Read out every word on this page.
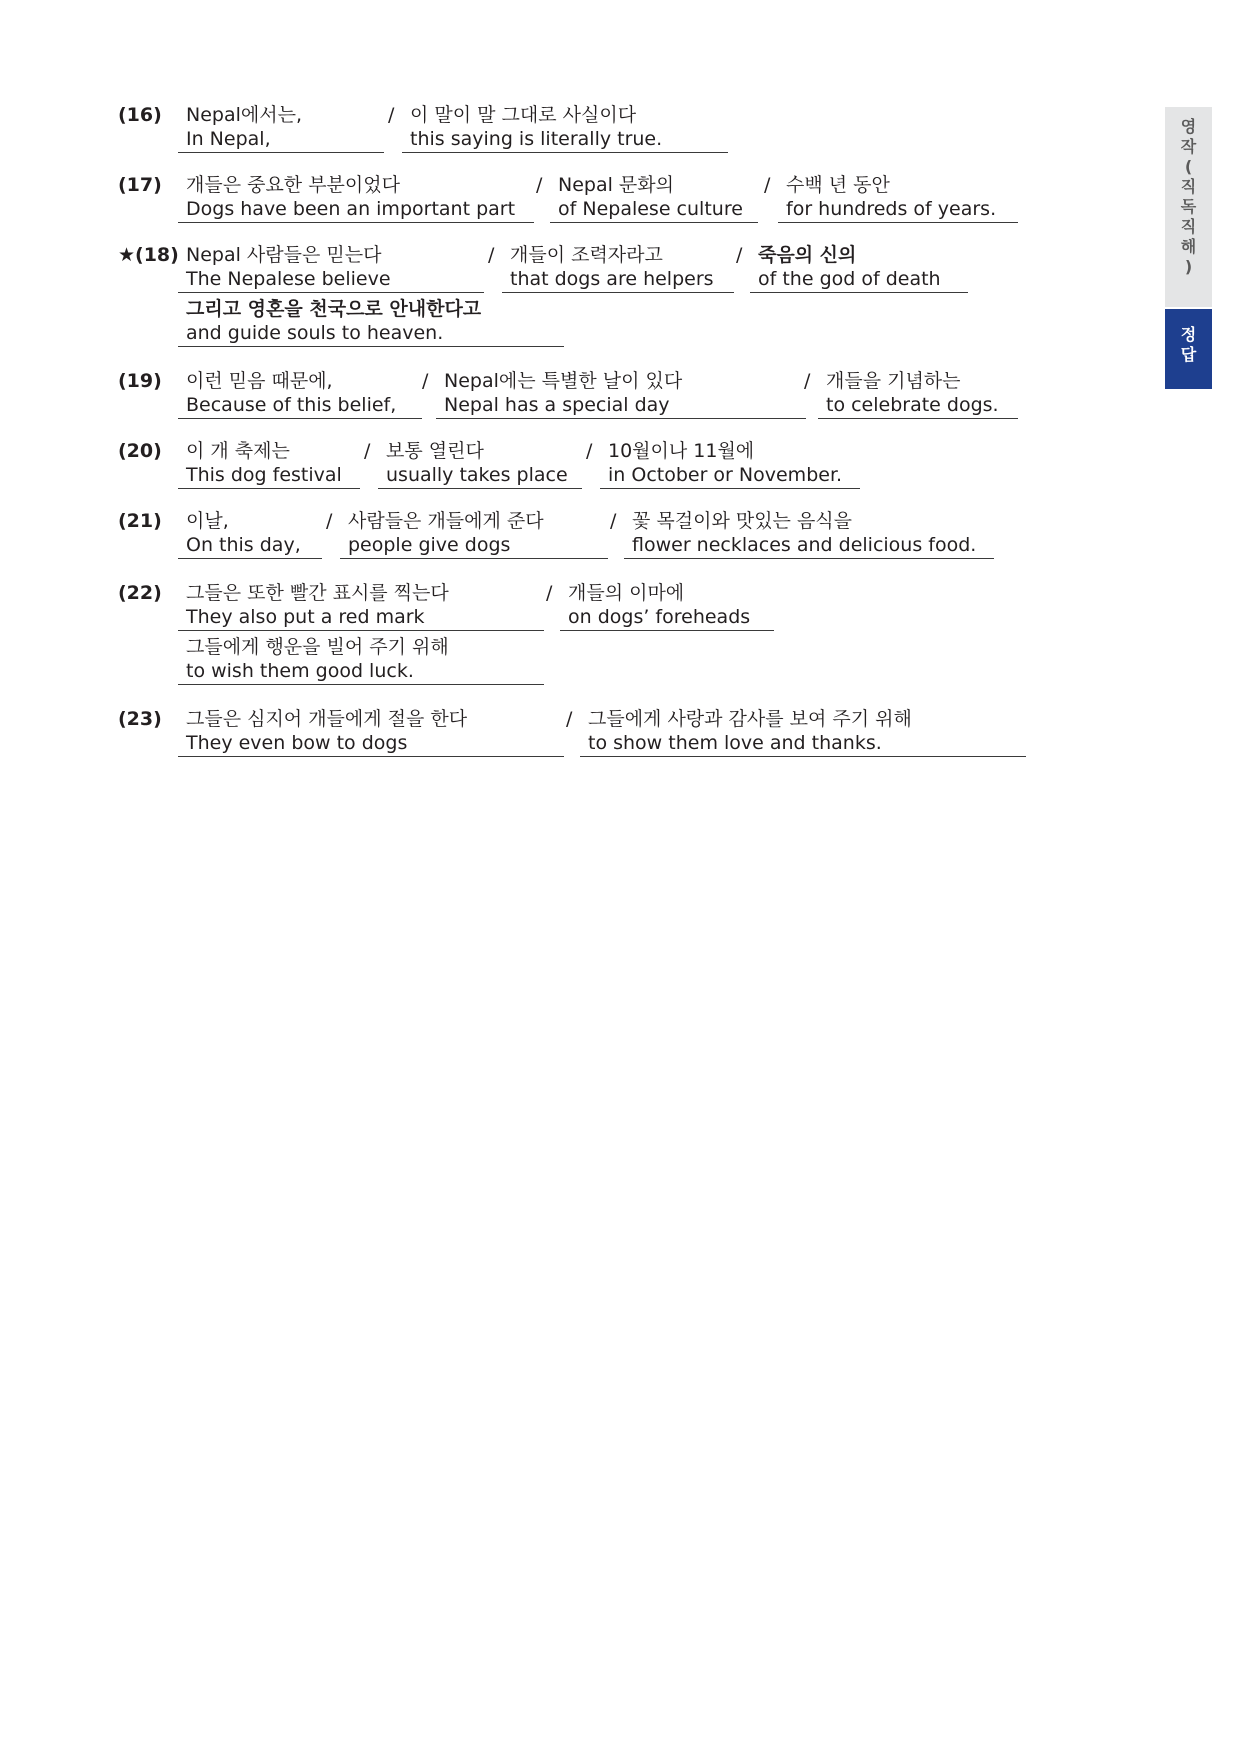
(16)	Nepal에서는,
In Nepal,
/ 이 말이 말 그대로 사실이다
this saying is literally true.
(17)	개들은 중요한 부분이었다
Dogs have been an important part
/ Nepal 문화의
of Nepalese culture
/ 수백 년 동안
for hundreds of years.
★(18) Nepal 사람들은 믿는다
The Nepalese believe
/ 개들이 조력자라고
that dogs are helpers
/ 죽음의 신의
of the god of death
그리고 영혼을 천국으로 안내한다고
and guide souls to heaven.
(19)	이런 믿음 때문에,
Because of this belief,
/ Nepal에는 특별한 날이 있다
Nepal has a special day
/ 개들을 기념하는
to celebrate dogs.
(20)	이 개 축제는
This dog festival
/ 보통 열린다
usually takes place
/ 10월이나 11월에
in October or November.
(21)	이날,
On this day,
/ 사람들은 개들에게 준다
people give dogs
/ 꽃 목걸이와 맛있는 음식을
flower necklaces and delicious food.
(22)	그들은 또한 빨간 표시를 찍는다
They also put a red mark
/ 개들의 이마에
on dogs’ foreheads
그들에게 행운을 빌어 주기 위해
to wish them good luck.
(23)	그들은 심지어 개들에게 절을 한다
They even bow to dogs
/ 그들에게 사랑과 감사를 보여 주기 위해
to show them love and thanks.
영
작
(
직
독
직
해
)
정
답
